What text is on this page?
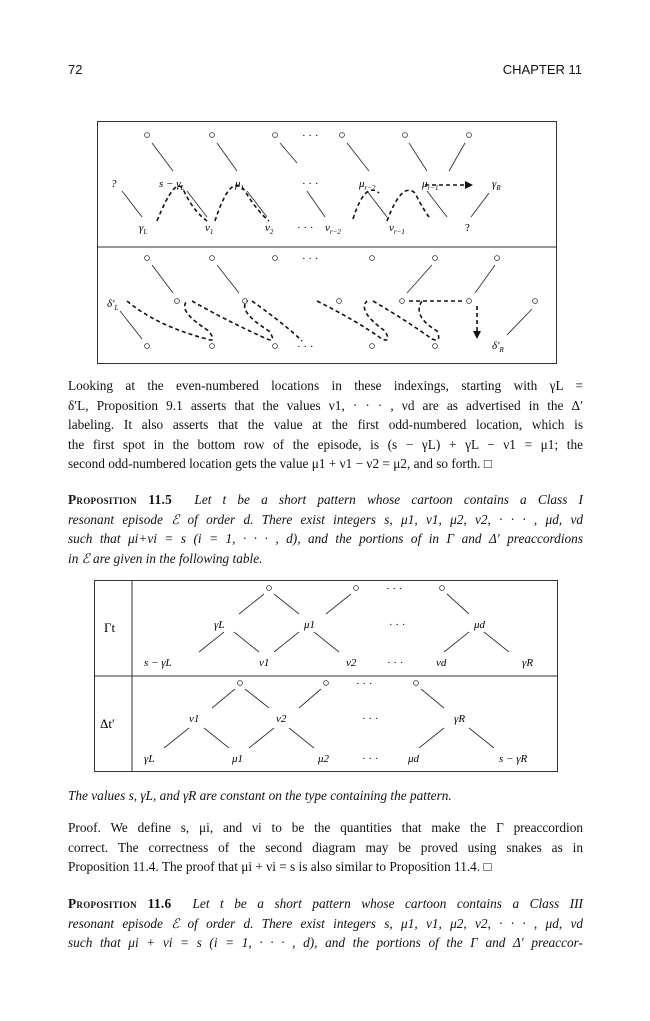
72	CHAPTER 11
· · ·
?	$s - \gamma_L$	$\mu_1$	· · ·	$\mu_{r-2}$	$\mu_{r-1}$	$\gamma_R$
$\gamma_L$	$\nu_1$	$\nu_2$ · · · $\nu_{r-2}$	$\nu_{r-1}$	?
· · ·
$\delta'_L$
$\delta'_R$
· · ·

Looking at the even-numbered locations in these indexings, starting with γL =
δ′L, Proposition 9.1 asserts that the values ν1, · · · , νd are as advertised in the Δ′
labeling. It also asserts that the value at the first odd-numbered location, which is
the first spot in the bottom row of the episode, is (s − γL) + γL − ν1 = μ1; the
second odd-numbered location gets the value μ1 + ν1 − ν2 = μ2, and so forth. □

Proposition 11.5 Let t be a short pattern whose cartoon contains a Class I
resonant episode ℰ of order d. There exist integers s, μ1, ν1, μ2, ν2, · · · , μd, νd
such that μi+νi = s (i = 1, · · · , d), and the portions of in Γ and Δ′ preaccordions
in ℰ are given in the following table.

Γt
· · ·
γL	μ1	· · ·	μd
s − γL	ν1	ν2	· · ·	νd	γR
Δt′
· · ·
ν1	ν2	· · ·	γR
γL	μ1	μ2	· · ·	μd	s − γR

The values s, γL, and γR are constant on the type containing the pattern.

Proof. We define s, μi, and νi to be the quantities that make the Γ preaccordion
correct. The correctness of the second diagram may be proved using snakes as in
Proposition 11.4. The proof that μi + νi = s is also similar to Proposition 11.4. □

Proposition 11.6 Let t be a short pattern whose cartoon contains a Class III
resonant episode ℰ of order d. There exist integers s, μ1, ν1, μ2, ν2, · · · , μd, νd
such that μi + νi = s (i = 1, · · · , d), and the portions of the Γ and Δ′ preaccor-
